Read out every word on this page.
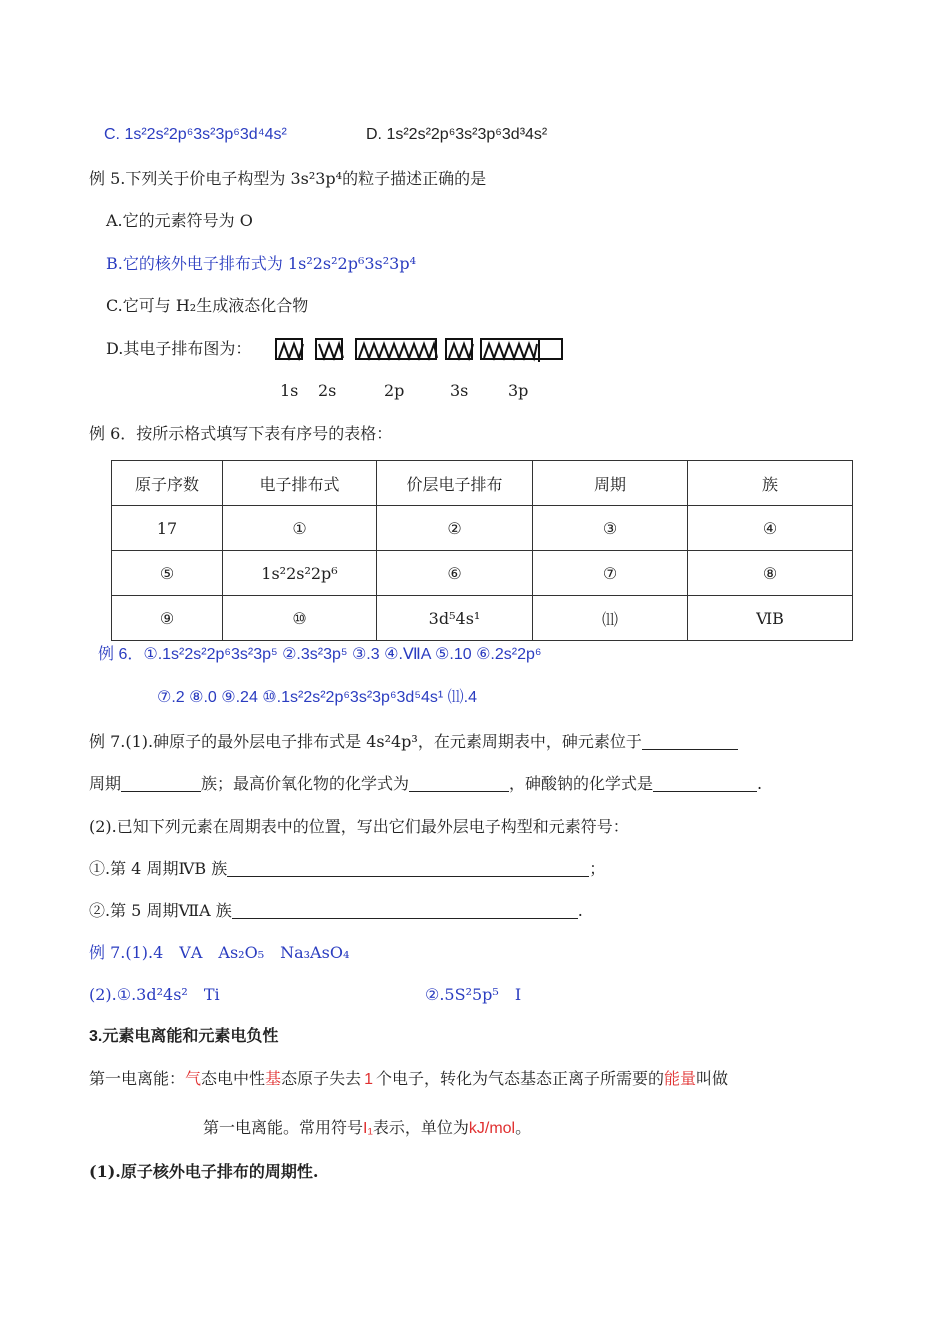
C. 1s²2s²2p⁶3s²3p⁶3d⁴4s²	D. 1s²2s²2p⁶3s²3p⁶3d³4s²
例 5.下列关于价电子构型为 3s²3p⁴的粒子描述正确的是
A.它的元素符号为 O
B.它的核外电子排布式为 1s²2s²2p⁶3s²3p⁴
C.它可与 H₂生成液态化合物
D.其电子排布图为：
1s 2s	2p	3s 3p
例 6．按所示格式填写下表有序号的表格：
原子序数	电子排布式	价层电子排布	周期	族
17	①	②	③	④
⑤	1s²2s²2p⁶	⑥	⑦	⑧
⑨	⑩	3d⁵4s¹	⑾	ⅥB
例 6．①.1s²2s²2p⁶3s²3p⁵ ②.3s²3p⁵ ③.3 ④.ⅦA ⑤.10 ⑥.2s²2p⁶
⑦.2 ⑧.0 ⑨.24 ⑩.1s²2s²2p⁶3s²3p⁶3d⁵4s¹ ⑾.4
例 7.(1).砷原子的最外层电子排布式是 4s²4p³，在元素周期表中，砷元素位于
周期	族；最高价氧化物的化学式为	，砷酸钠的化学式是	.
(2).已知下列元素在周期表中的位置，写出它们最外层电子构型和元素符号：
①.第 4 周期ⅣB 族	；
②.第 5 周期ⅦA 族	.
例 7.(1).4　ⅤA　As₂O₅　Na₃AsO₄
(2).①.3d²4s²　Ti	②.5S²5p⁵　I
3.元素电离能和元素电负性
第一电离能：气态电中性基态原子失去 1 个电子，转化为气态基态正离子所需要的能量叫做
第一电离能。常用符号I₁表示，单位为kJ/mol。
(1).原子核外电子排布的周期性.
